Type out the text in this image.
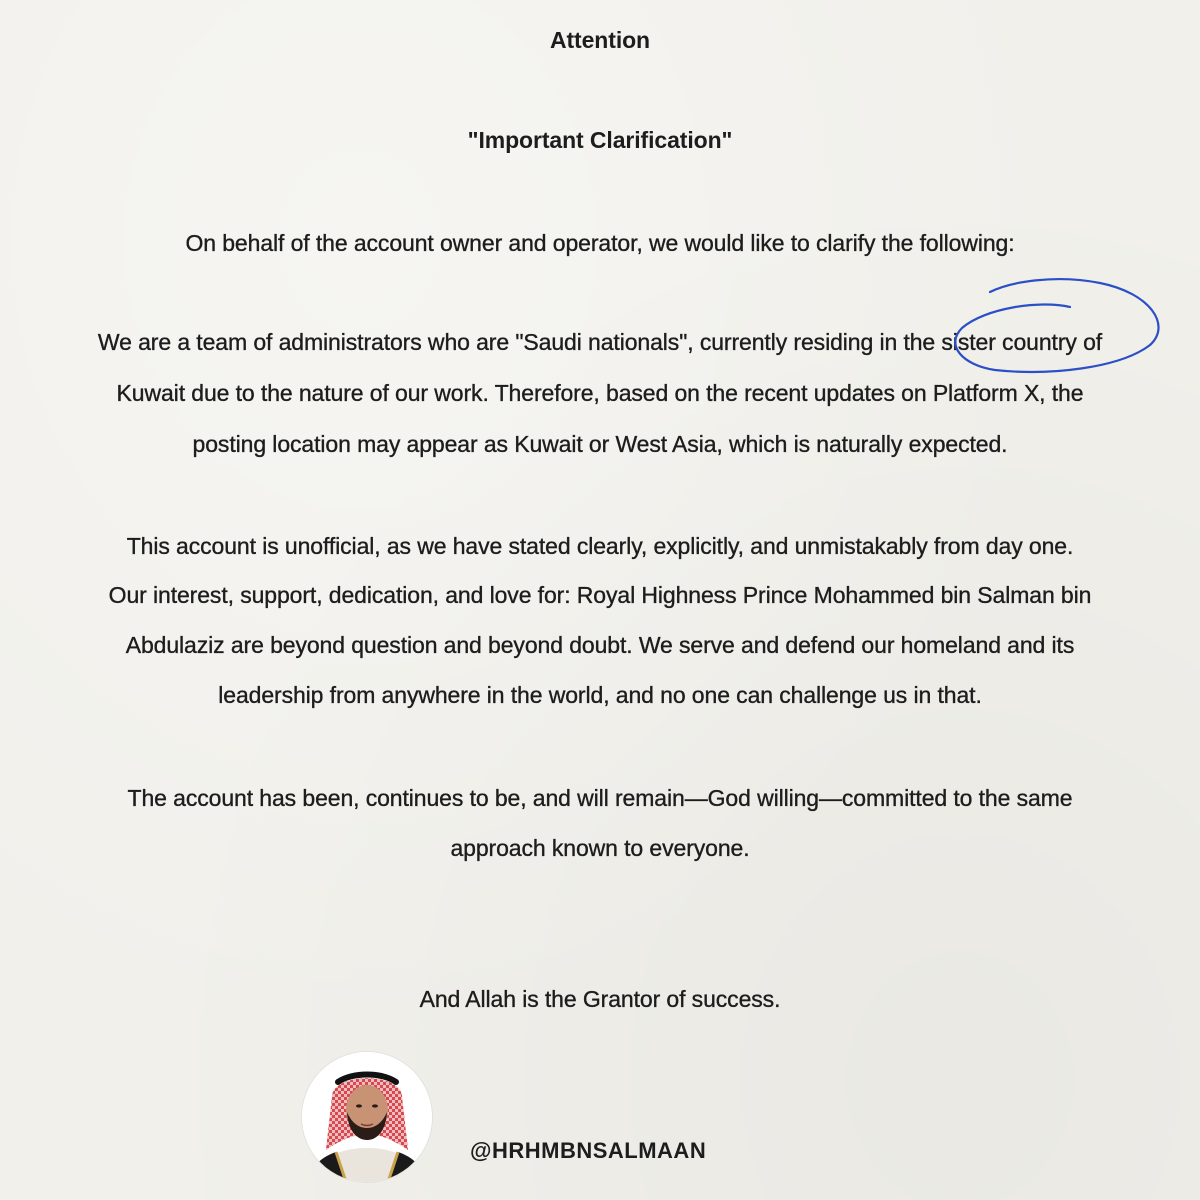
Attention
"Important Clarification"
On behalf of the account owner and operator, we would like to clarify the following:
We are a team of administrators who are "Saudi nationals", currently residing in the sister country of
Kuwait due to the nature of our work. Therefore, based on the recent updates on Platform X, the
posting location may appear as Kuwait or West Asia, which is naturally expected.
This account is unofficial, as we have stated clearly, explicitly, and unmistakably from day one.
Our interest, support, dedication, and love for: Royal Highness Prince Mohammed bin Salman bin
Abdulaziz are beyond question and beyond doubt. We serve and defend our homeland and its
leadership from anywhere in the world, and no one can challenge us in that.
The account has been, continues to be, and will remain—God willing—committed to the same
approach known to everyone.
And Allah is the Grantor of success.
@HRHMBNSALMAAN
